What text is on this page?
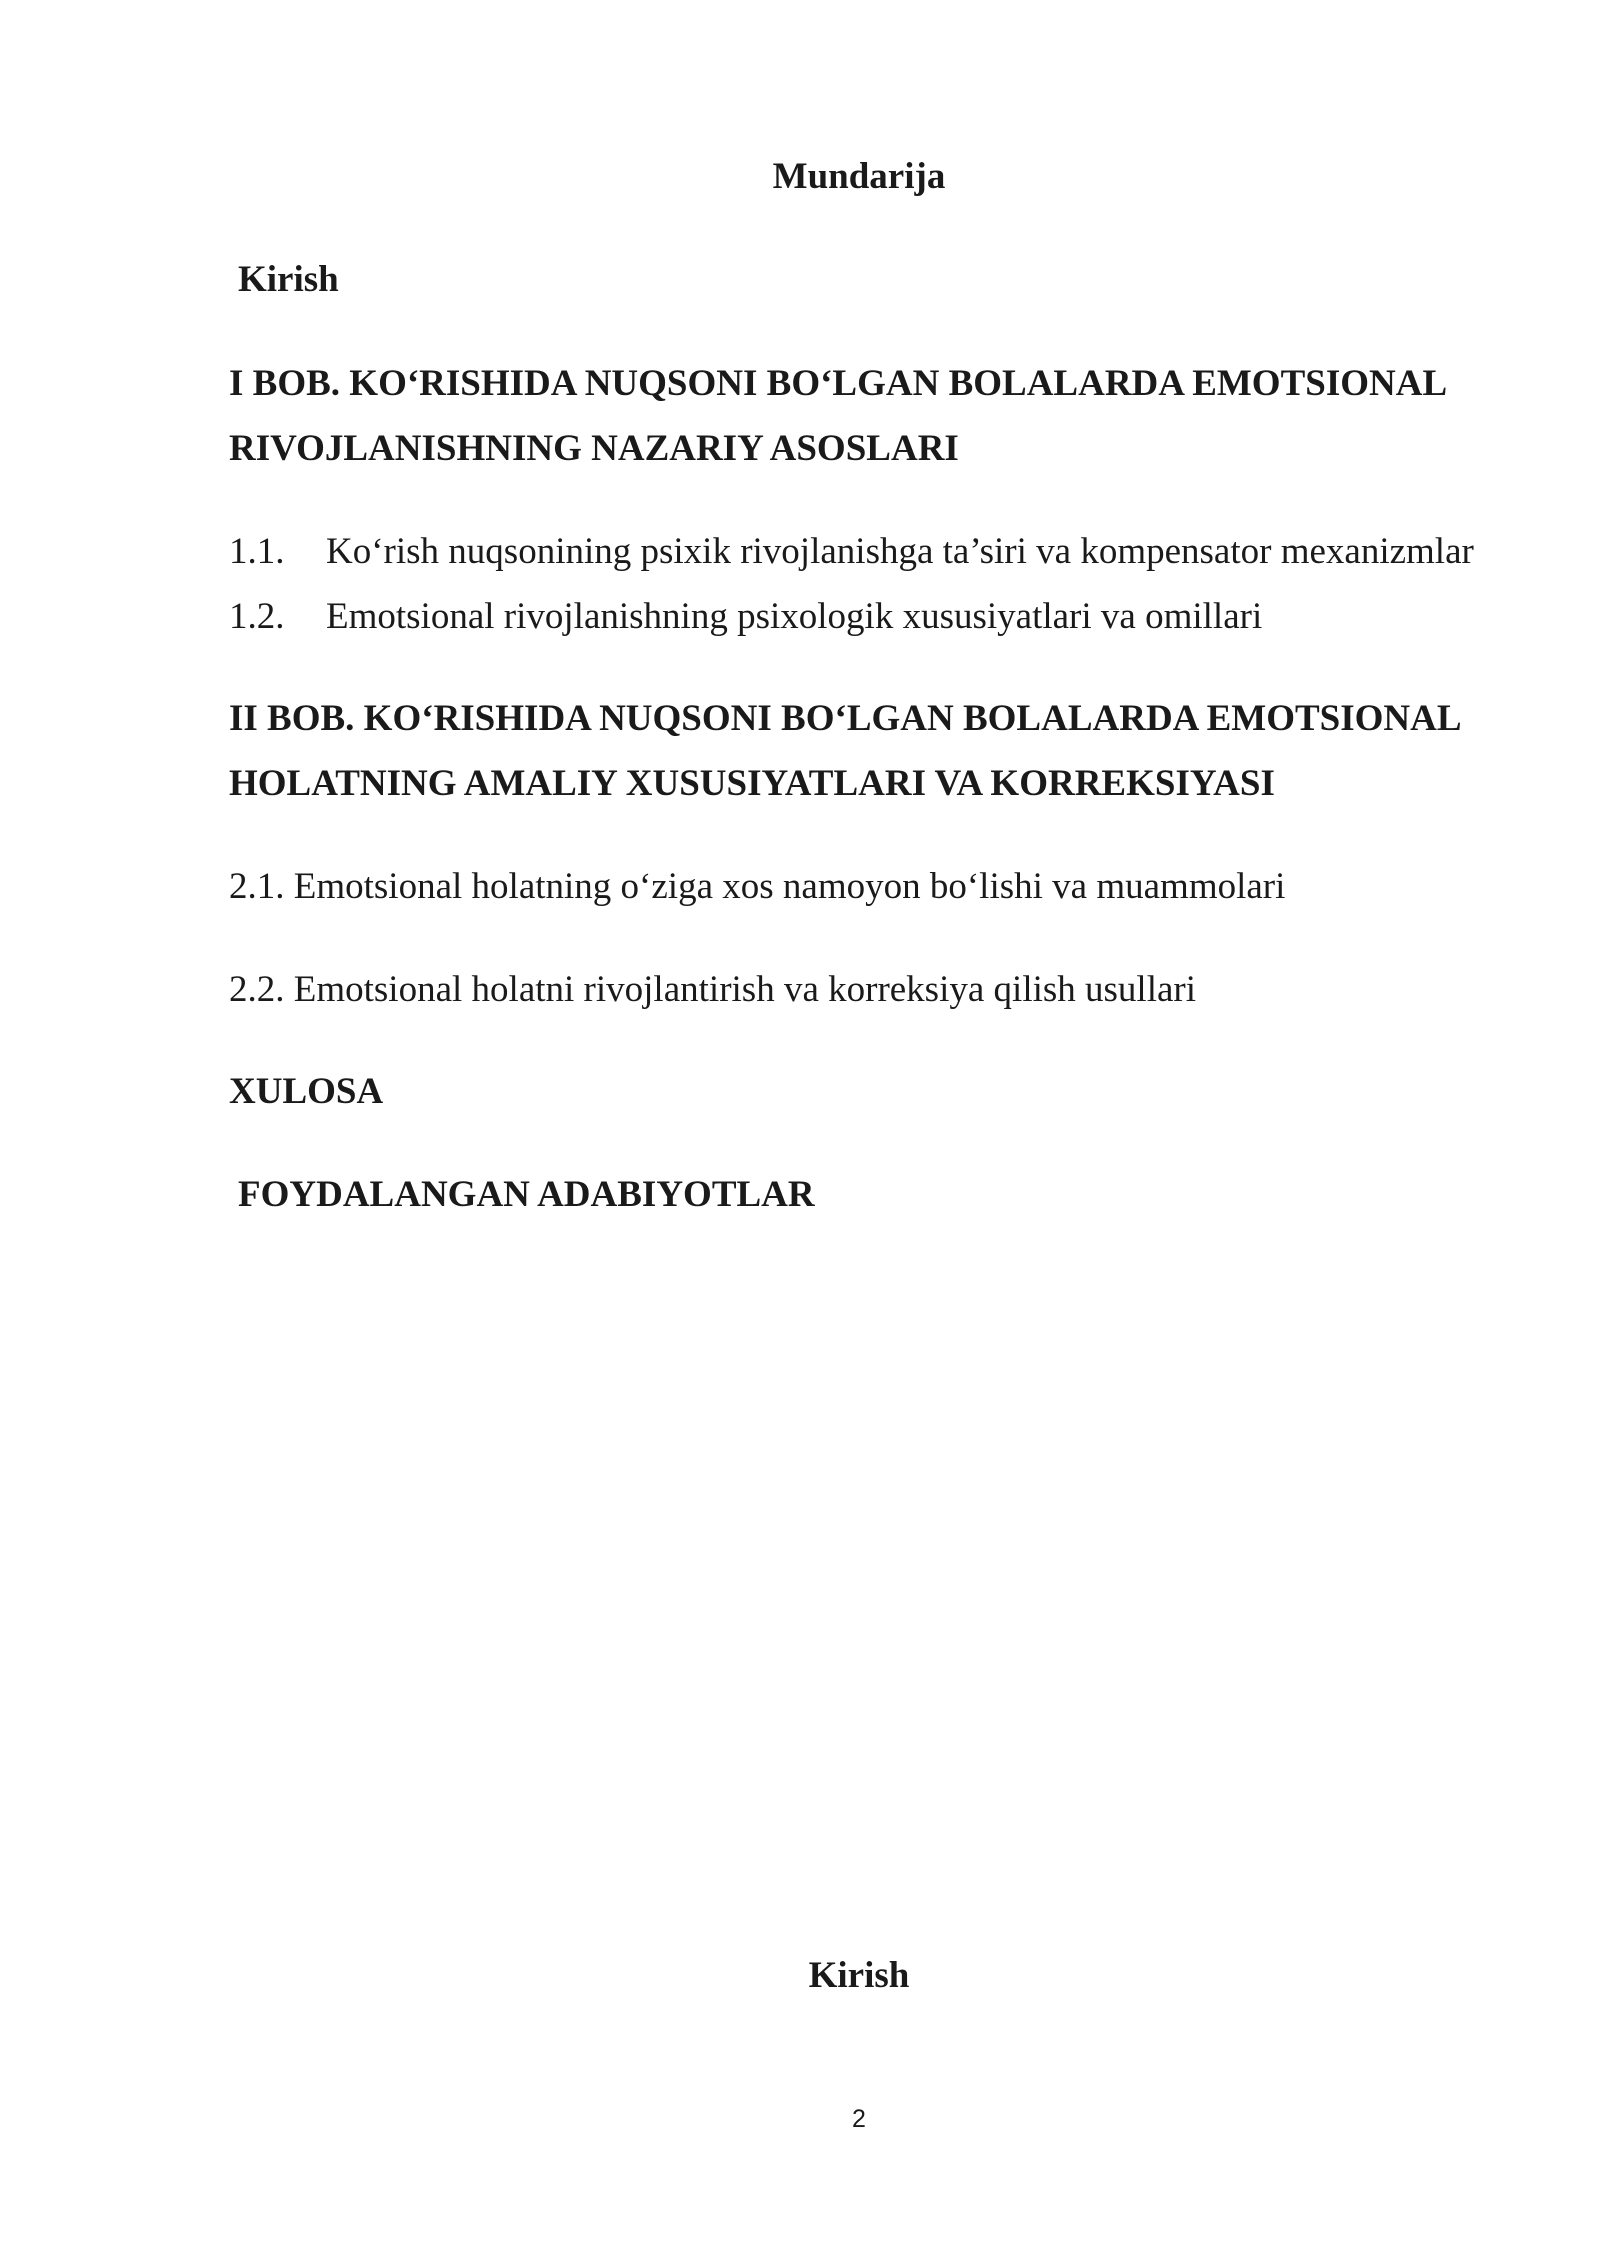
Mundarija
Kirish
I BOB. KO‘RISHIDA NUQSONI BO‘LGAN BOLALARDA EMOTSIONAL
RIVOJLANISHNING NAZARIY ASOSLARI
1.1. Ko‘rish nuqsonining psixik rivojlanishga ta’siri va kompensator mexanizmlar
1.2. Emotsional rivojlanishning psixologik xususiyatlari va omillari
II BOB. KO‘RISHIDA NUQSONI BO‘LGAN BOLALARDA EMOTSIONAL
HOLATNING AMALIY XUSUSIYATLARI VA KORREKSIYASI
2.1. Emotsional holatning o‘ziga xos namoyon bo‘lishi va muammolari
2.2. Emotsional holatni rivojlantirish va korreksiya qilish usullari
XULOSA
FOYDALANGAN ADABIYOTLAR
Kirish
2
